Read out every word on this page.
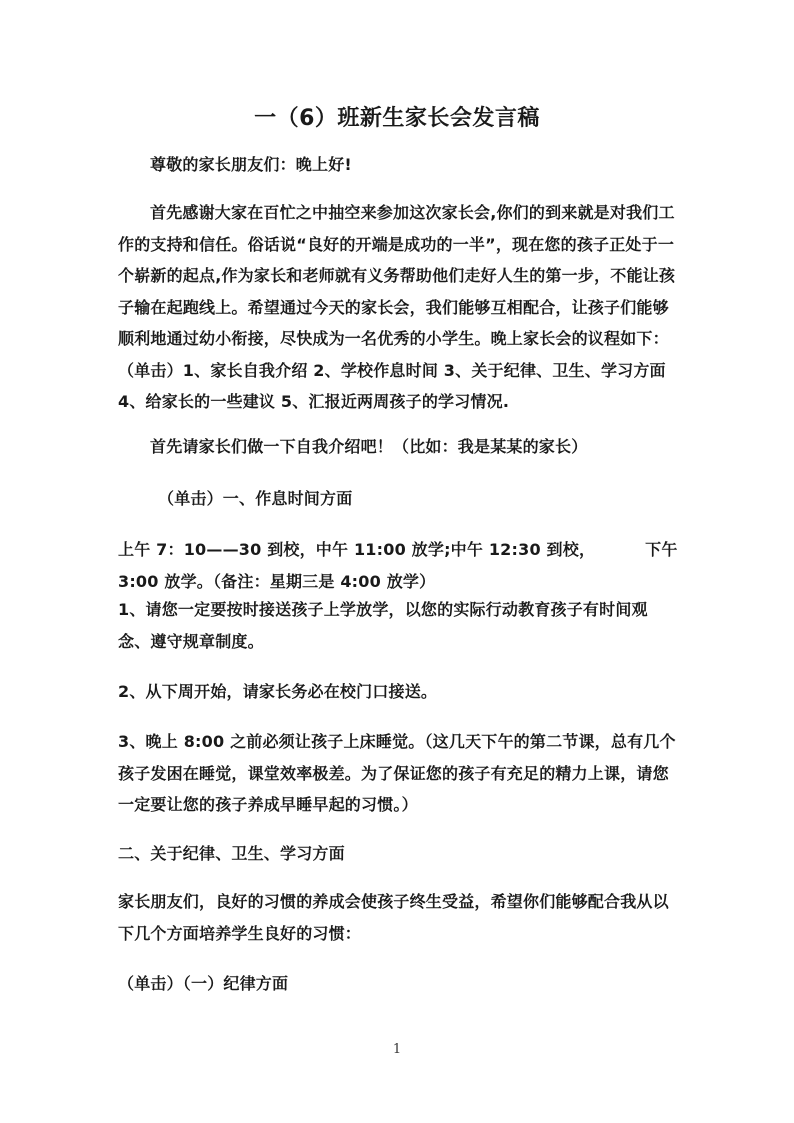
一（6）班新生家长会发言稿

尊敬的家长朋友们：晚上好!

首先感谢大家在百忙之中抽空来参加这次家长会,你们的到来就是对我们工作的支持和信任。俗话说“良好的开端是成功的一半”，现在您的孩子正处于一个崭新的起点,作为家长和老师就有义务帮助他们走好人生的第一步，不能让孩子输在起跑线上。希望通过今天的家长会，我们能够互相配合，让孩子们能够顺利地通过幼小衔接，尽快成为一名优秀的小学生。晚上家长会的议程如下：（单击）1、家长自我介绍 2、学校作息时间 3、关于纪律、卫生、学习方面 4、给家长的一些建议 5、汇报近两周孩子的学习情况.

首先请家长们做一下自我介绍吧！（比如：我是某某的家长）

（单击）一、作息时间方面

上午 7：10——30 到校，中午 11:00 放学;中午 12:30 到校，	下午 3:00 放学。（备注：星期三是 4:00 放学）

1、请您一定要按时接送孩子上学放学，以您的实际行动教育孩子有时间观念、遵守规章制度。

2、从下周开始，请家长务必在校门口接送。

3、晚上 8:00 之前必须让孩子上床睡觉。（这几天下午的第二节课，总有几个孩子发困在睡觉，课堂效率极差。为了保证您的孩子有充足的精力上课，请您一定要让您的孩子养成早睡早起的习惯。）

二、关于纪律、卫生、学习方面

家长朋友们，良好的习惯的养成会使孩子终生受益，希望你们能够配合我从以下几个方面培养学生良好的习惯：

（单击）（一）纪律方面

1
